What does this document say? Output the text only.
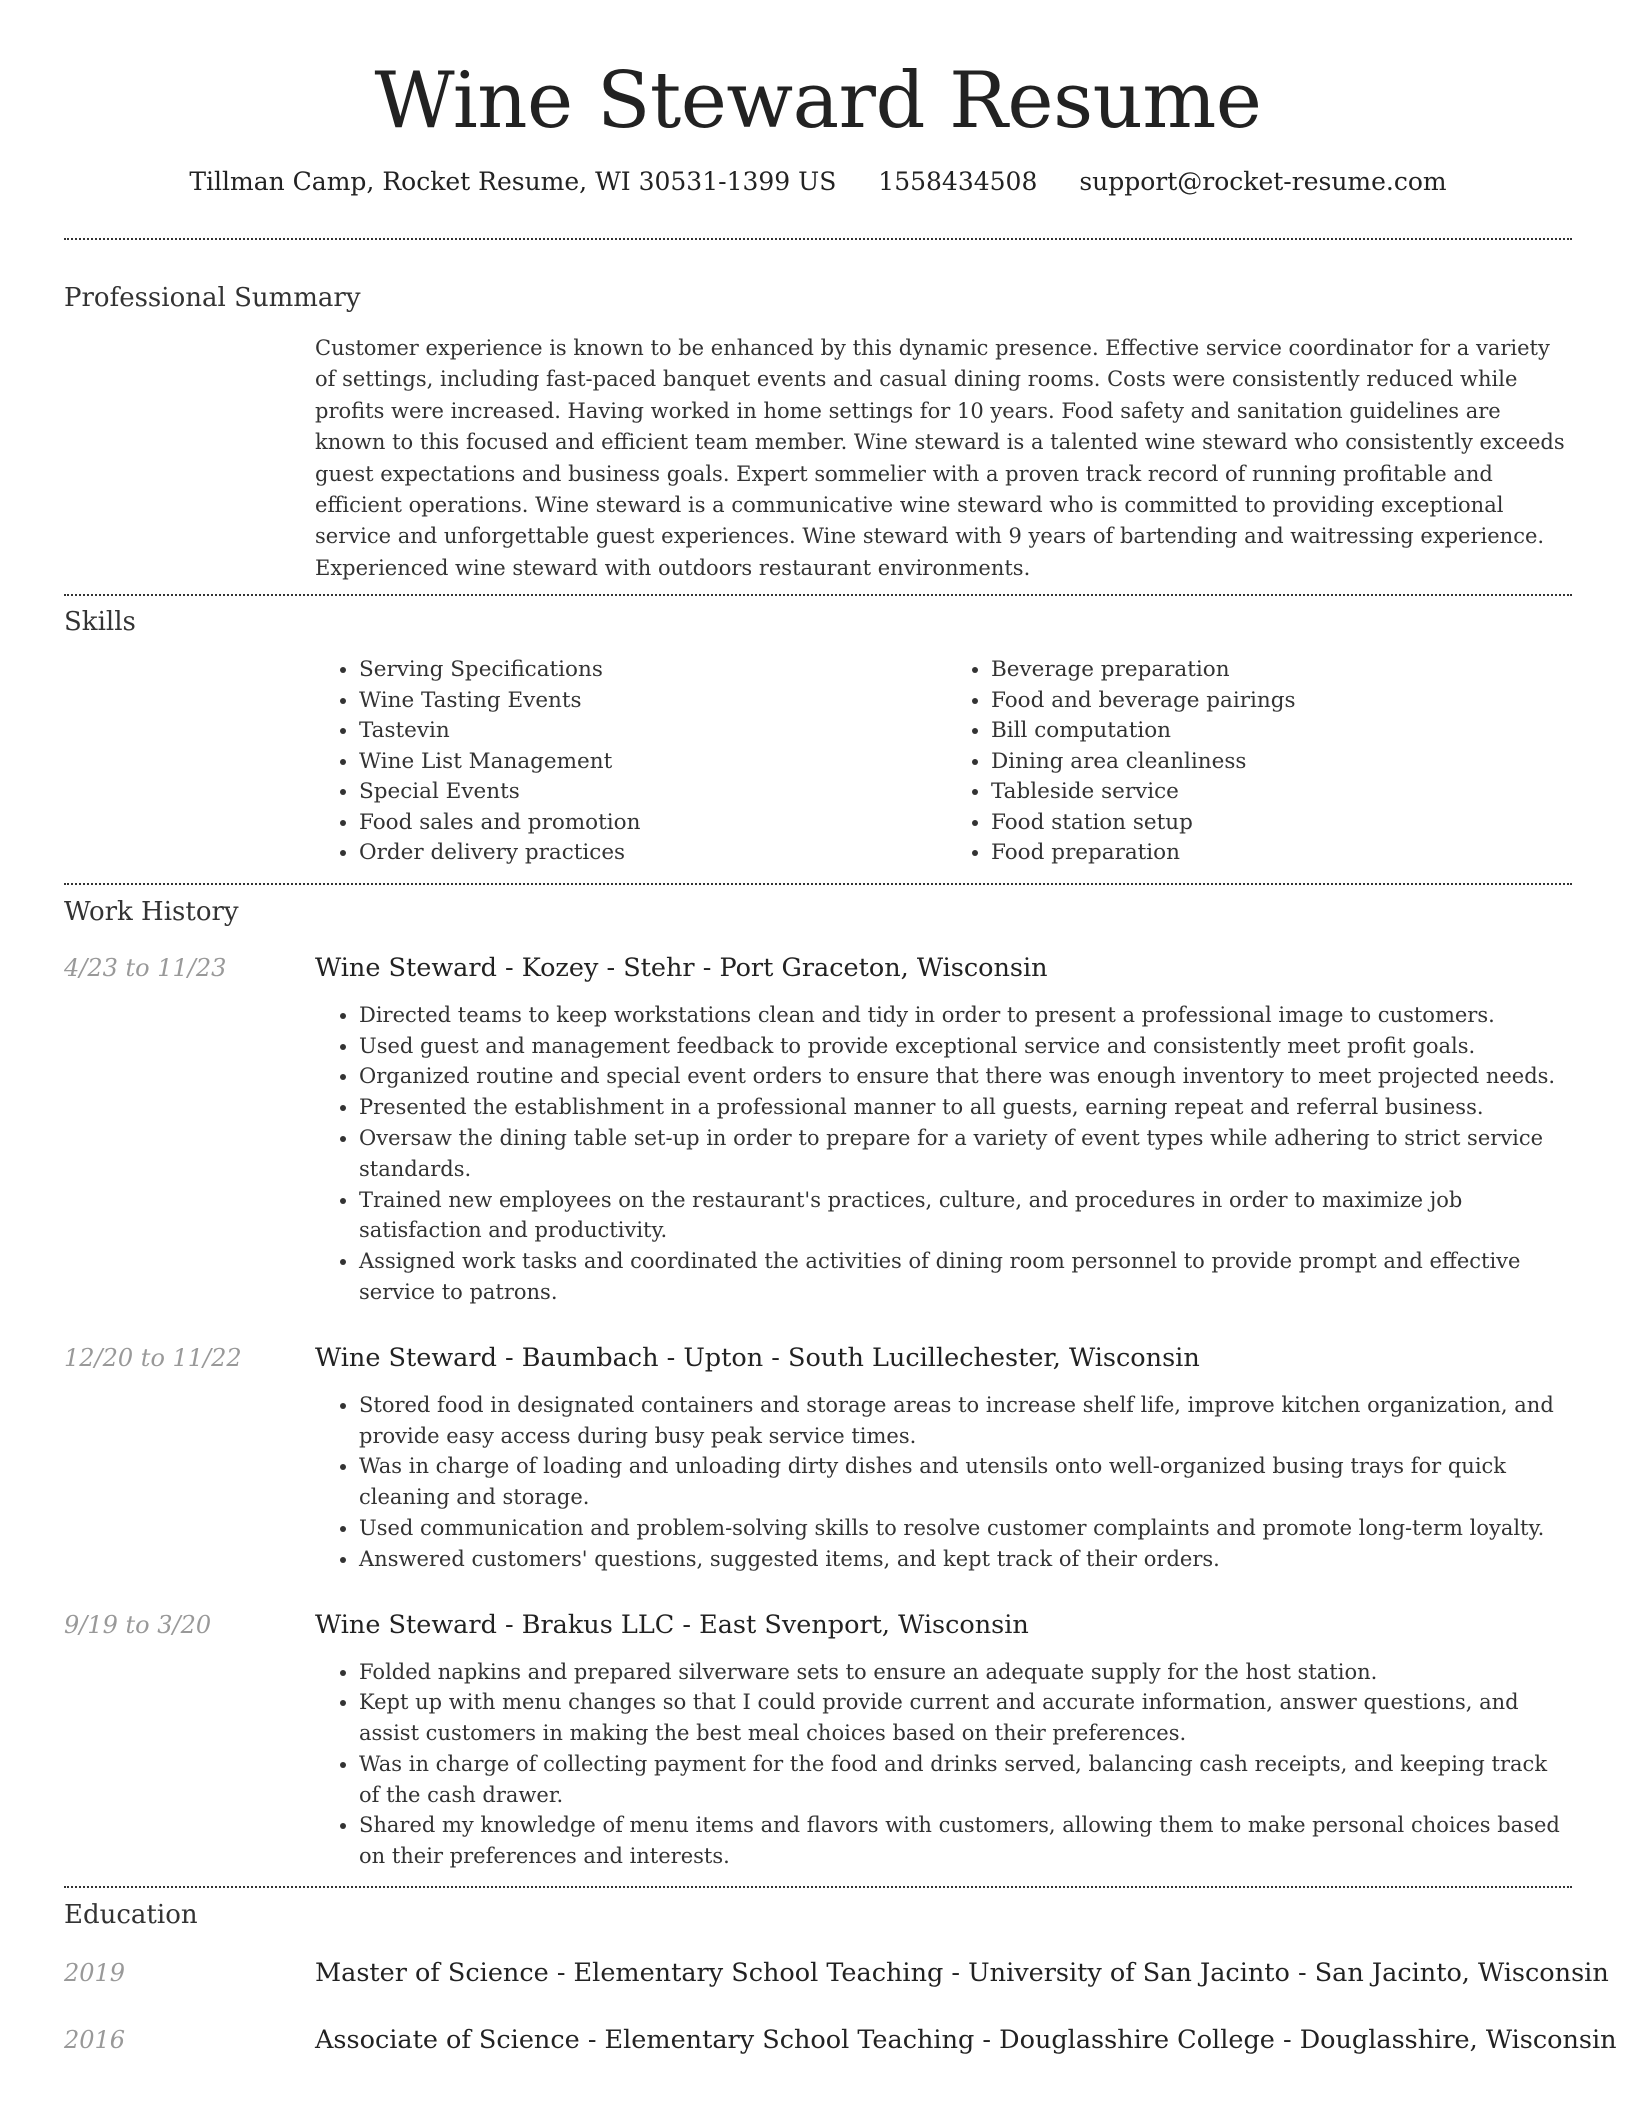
Wine Steward Resume
Tillman Camp, Rocket Resume, WI 30531-1399 US 1558434508 support@rocket-resume.com
Professional Summary
Customer experience is known to be enhanced by this dynamic presence. Effective service coordinator for a variety of settings, including fast-paced banquet events and casual dining rooms. Costs were consistently reduced while profits were increased. Having worked in home settings for 10 years. Food safety and sanitation guidelines are known to this focused and efficient team member. Wine steward is a talented wine steward who consistently exceeds guest expectations and business goals. Expert sommelier with a proven track record of running profitable and efficient operations. Wine steward is a communicative wine steward who is committed to providing exceptional service and unforgettable guest experiences. Wine steward with 9 years of bartending and waitressing experience. Experienced wine steward with outdoors restaurant environments.
Skills
• Serving Specifications
• Wine Tasting Events
• Tastevin
• Wine List Management
• Special Events
• Food sales and promotion
• Order delivery practices
• Beverage preparation
• Food and beverage pairings
• Bill computation
• Dining area cleanliness
• Tableside service
• Food station setup
• Food preparation
Work History
4/23 to 11/23	Wine Steward - Kozey - Stehr - Port Graceton, Wisconsin
• Directed teams to keep workstations clean and tidy in order to present a professional image to customers.
• Used guest and management feedback to provide exceptional service and consistently meet profit goals.
• Organized routine and special event orders to ensure that there was enough inventory to meet projected needs.
• Presented the establishment in a professional manner to all guests, earning repeat and referral business.
• Oversaw the dining table set-up in order to prepare for a variety of event types while adhering to strict service standards.
• Trained new employees on the restaurant's practices, culture, and procedures in order to maximize job satisfaction and productivity.
• Assigned work tasks and coordinated the activities of dining room personnel to provide prompt and effective service to patrons.
12/20 to 11/22	Wine Steward - Baumbach - Upton - South Lucillechester, Wisconsin
• Stored food in designated containers and storage areas to increase shelf life, improve kitchen organization, and provide easy access during busy peak service times.
• Was in charge of loading and unloading dirty dishes and utensils onto well-organized busing trays for quick cleaning and storage.
• Used communication and problem-solving skills to resolve customer complaints and promote long-term loyalty.
• Answered customers' questions, suggested items, and kept track of their orders.
9/19 to 3/20	Wine Steward - Brakus LLC - East Svenport, Wisconsin
• Folded napkins and prepared silverware sets to ensure an adequate supply for the host station.
• Kept up with menu changes so that I could provide current and accurate information, answer questions, and assist customers in making the best meal choices based on their preferences.
• Was in charge of collecting payment for the food and drinks served, balancing cash receipts, and keeping track of the cash drawer.
• Shared my knowledge of menu items and flavors with customers, allowing them to make personal choices based on their preferences and interests.
Education
2019	Master of Science - Elementary School Teaching - University of San Jacinto - San Jacinto, Wisconsin
2016	Associate of Science - Elementary School Teaching - Douglasshire College - Douglasshire, Wisconsin
